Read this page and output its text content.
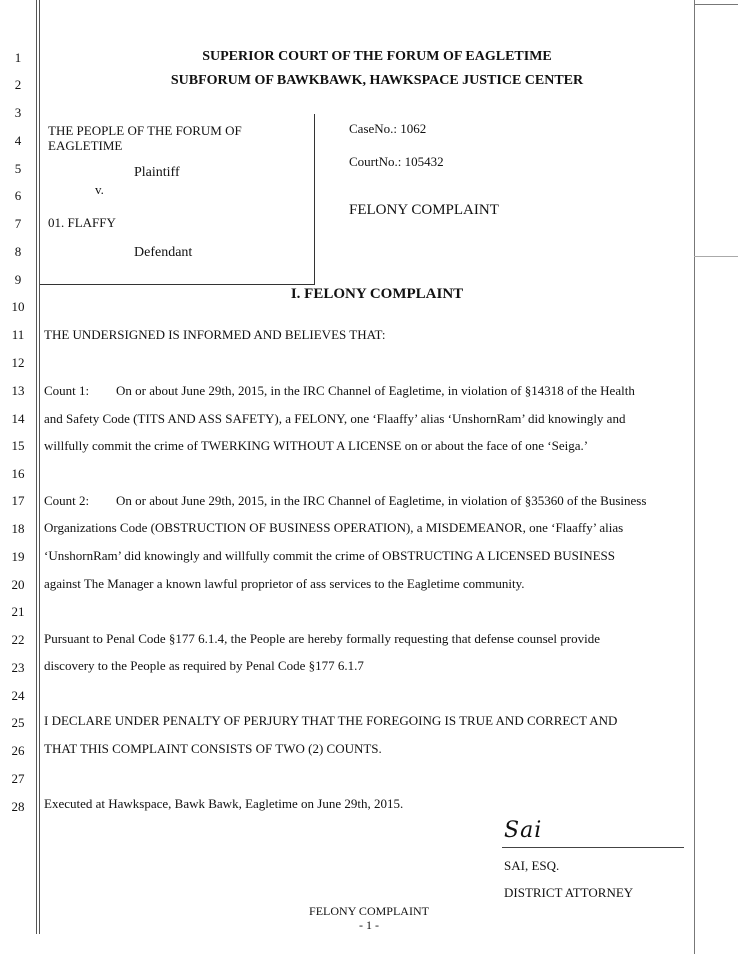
1
2
3
4
5
6
7
8
9
10
11
12
13
14
15
16
17
18
19
20
21
22
23
24
25
26
27
28
SUPERIOR COURT OF THE FORUM OF EAGLETIME
SUBFORUM OF BAWKBAWK, HAWKSPACE JUSTICE CENTER
THE PEOPLE OF THE FORUM OF
EAGLETIME
Plaintiff
v.
01. FLAFFY
Defendant
CaseNo.: 1062
CourtNo.: 105432
FELONY COMPLAINT
I. FELONY COMPLAINT
THE UNDERSIGNED IS INFORMED AND BELIEVES THAT:
Count 1: On or about June 29th, 2015, in the IRC Channel of Eagletime, in violation of §14318 of the Health
and Safety Code (TITS AND ASS SAFETY), a FELONY, one ‘Flaaffy’ alias ‘UnshornRam’ did knowingly and
willfully commit the crime of TWERKING WITHOUT A LICENSE on or about the face of one ‘Seiga.’
Count 2: On or about June 29th, 2015, in the IRC Channel of Eagletime, in violation of §35360 of the Business
Organizations Code (OBSTRUCTION OF BUSINESS OPERATION), a MISDEMEANOR, one ‘Flaaffy’ alias
‘UnshornRam’ did knowingly and willfully commit the crime of OBSTRUCTING A LICENSED BUSINESS
against The Manager a known lawful proprietor of ass services to the Eagletime community.
Pursuant to Penal Code §177 6.1.4, the People are hereby formally requesting that defense counsel provide
discovery to the People as required by Penal Code §177 6.1.7
I DECLARE UNDER PENALTY OF PERJURY THAT THE FOREGOING IS TRUE AND CORRECT AND
THAT THIS COMPLAINT CONSISTS OF TWO (2) COUNTS.
Executed at Hawkspace, Bawk Bawk, Eagletime on June 29th, 2015.
Sai
SAI, ESQ.
DISTRICT ATTORNEY
FELONY COMPLAINT
- 1 -
